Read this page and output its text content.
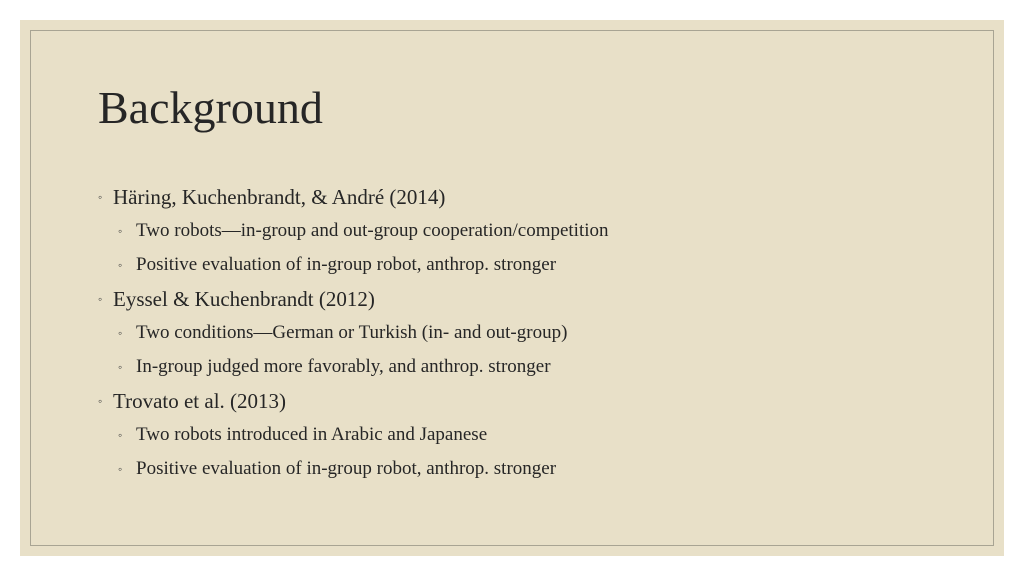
Background
◦ Häring, Kuchenbrandt, & André (2014)
◦ Two robots—in-group and out-group cooperation/competition
◦ Positive evaluation of in-group robot, anthrop. stronger
◦ Eyssel & Kuchenbrandt (2012)
◦ Two conditions—German or Turkish (in- and out-group)
◦ In-group judged more favorably, and anthrop. stronger
◦ Trovato et al. (2013)
◦ Two robots introduced in Arabic and Japanese
◦ Positive evaluation of in-group robot, anthrop. stronger
